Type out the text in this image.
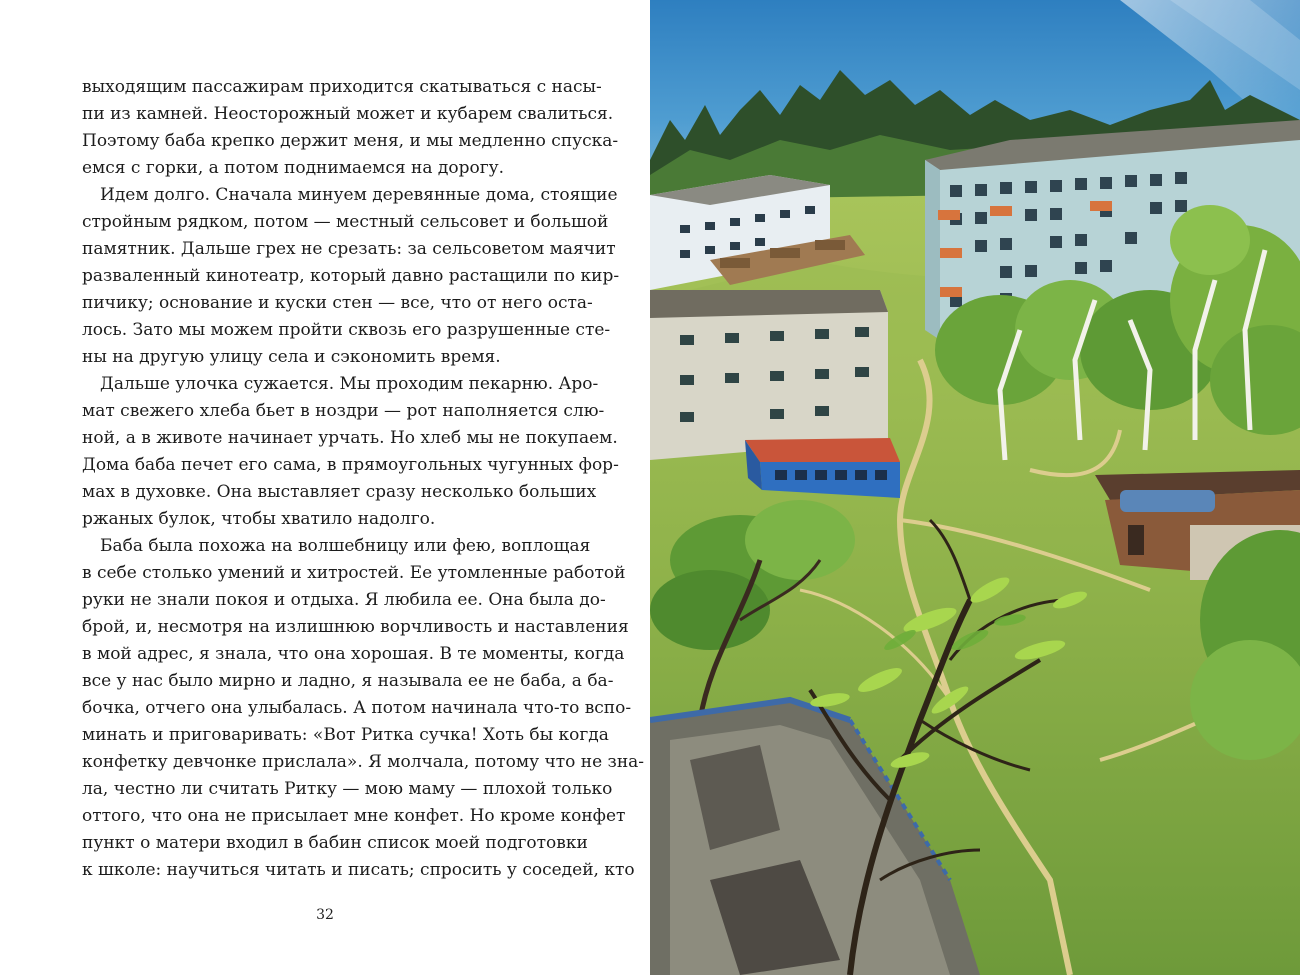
выходящим пассажирам приходится скатываться с насы-
пи из камней. Неосторожный может и кубарем свалиться.
Поэтому баба крепко держит меня, и мы медленно спуска-
емся с горки, а потом поднимаемся на дорогу.
Идем долго. Сначала минуем деревянные дома, стоящие
стройным рядком, потом — местный сельсовет и большой
памятник. Дальше грех не срезать: за сельсоветом маячит
разваленный кинотеатр, который давно растащили по кир-
пичику; основание и куски стен — все, что от него оста-
лось. Зато мы можем пройти сквозь его разрушенные сте-
ны на другую улицу села и сэкономить время.
Дальше улочка сужается. Мы проходим пекарню. Аро-
мат свежего хлеба бьет в ноздри — рот наполняется слю-
ной, а в животе начинает урчать. Но хлеб мы не покупаем.
Дома баба печет его сама, в прямоугольных чугунных фор-
мах в духовке. Она выставляет сразу несколько больших
ржаных булок, чтобы хватило надолго.
Баба была похожа на волшебницу или фею, воплощая
в себе столько умений и хитростей. Ее утомленные работой
руки не знали покоя и отдыха. Я любила ее. Она была до-
брой, и, несмотря на излишнюю ворчливость и наставления
в мой адрес, я знала, что она хорошая. В те моменты, когда
все у нас было мирно и ладно, я называла ее не баба, а ба-
бочка, отчего она улыбалась. А потом начинала что-то вспо-
минать и приговаривать: «Вот Ритка сучка! Хоть бы когда
конфетку девчонке прислала». Я молчала, потому что не зна-
ла, честно ли считать Ритку — мою маму — плохой только
оттого, что она не присылает мне конфет. Но кроме конфет
пункт о матери входил в бабин список моей подготовки
к школе: научиться читать и писать; спросить у соседей, кто
32
